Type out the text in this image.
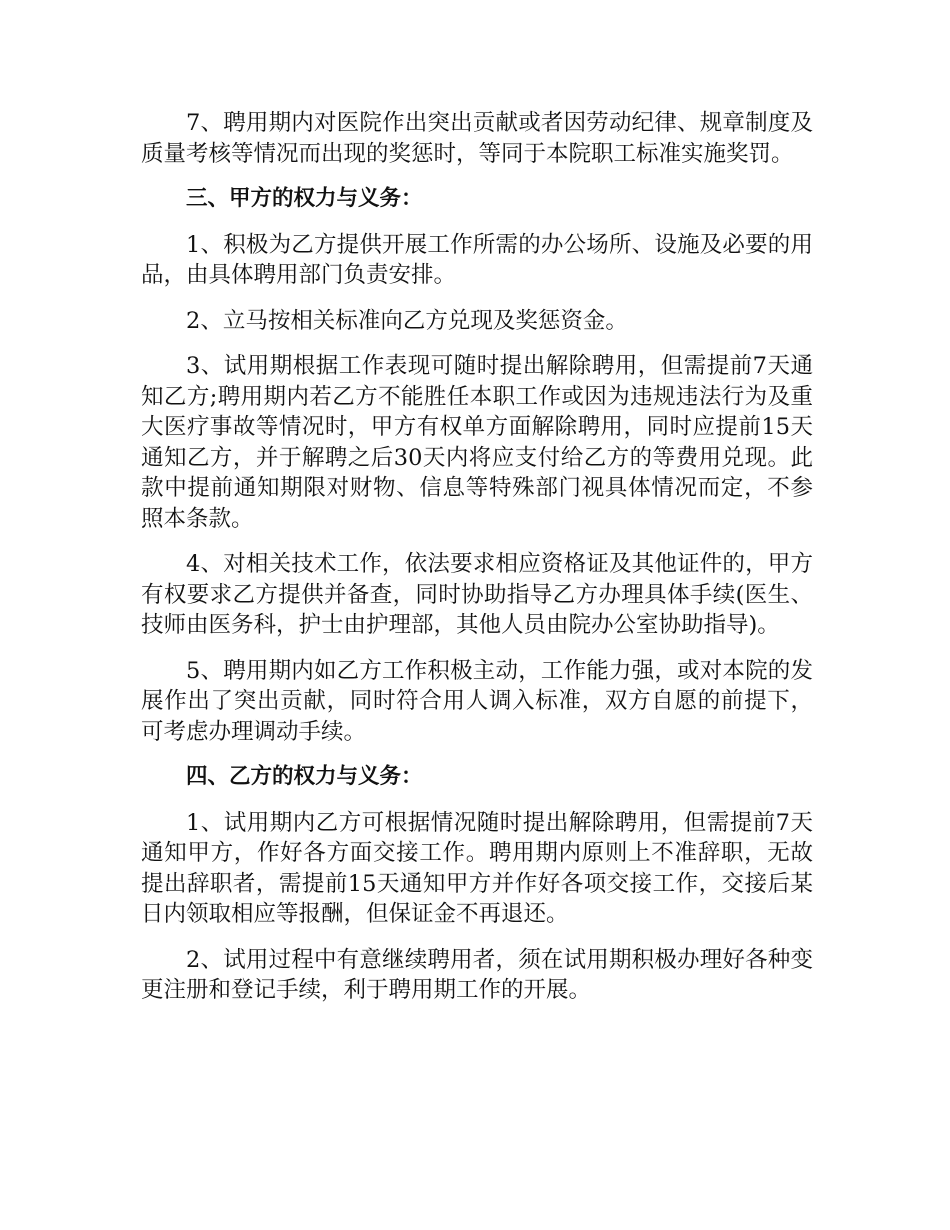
7、聘用期内对医院作出突出贡献或者因劳动纪律、规章制度及质量考核等情况而出现的奖惩时，等同于本院职工标准实施奖罚。

三、甲方的权力与义务：

1、积极为乙方提供开展工作所需的办公场所、设施及必要的用品，由具体聘用部门负责安排。

2、立马按相关标准向乙方兑现及奖惩资金。

3、试用期根据工作表现可随时提出解除聘用，但需提前7天通知乙方;聘用期内若乙方不能胜任本职工作或因为违规违法行为及重大医疗事故等情况时，甲方有权单方面解除聘用，同时应提前15天通知乙方，并于解聘之后30天内将应支付给乙方的等费用兑现。此款中提前通知期限对财物、信息等特殊部门视具体情况而定，不参照本条款。

4、对相关技术工作，依法要求相应资格证及其他证件的，甲方有权要求乙方提供并备查，同时协助指导乙方办理具体手续(医生、技师由医务科，护士由护理部，其他人员由院办公室协助指导)。

5、聘用期内如乙方工作积极主动，工作能力强，或对本院的发展作出了突出贡献，同时符合用人调入标准，双方自愿的前提下，可考虑办理调动手续。

四、乙方的权力与义务：

1、试用期内乙方可根据情况随时提出解除聘用，但需提前7天通知甲方，作好各方面交接工作。聘用期内原则上不准辞职，无故提出辞职者，需提前15天通知甲方并作好各项交接工作，交接后某日内领取相应等报酬，但保证金不再退还。

2、试用过程中有意继续聘用者，须在试用期积极办理好各种变更注册和登记手续，利于聘用期工作的开展。
